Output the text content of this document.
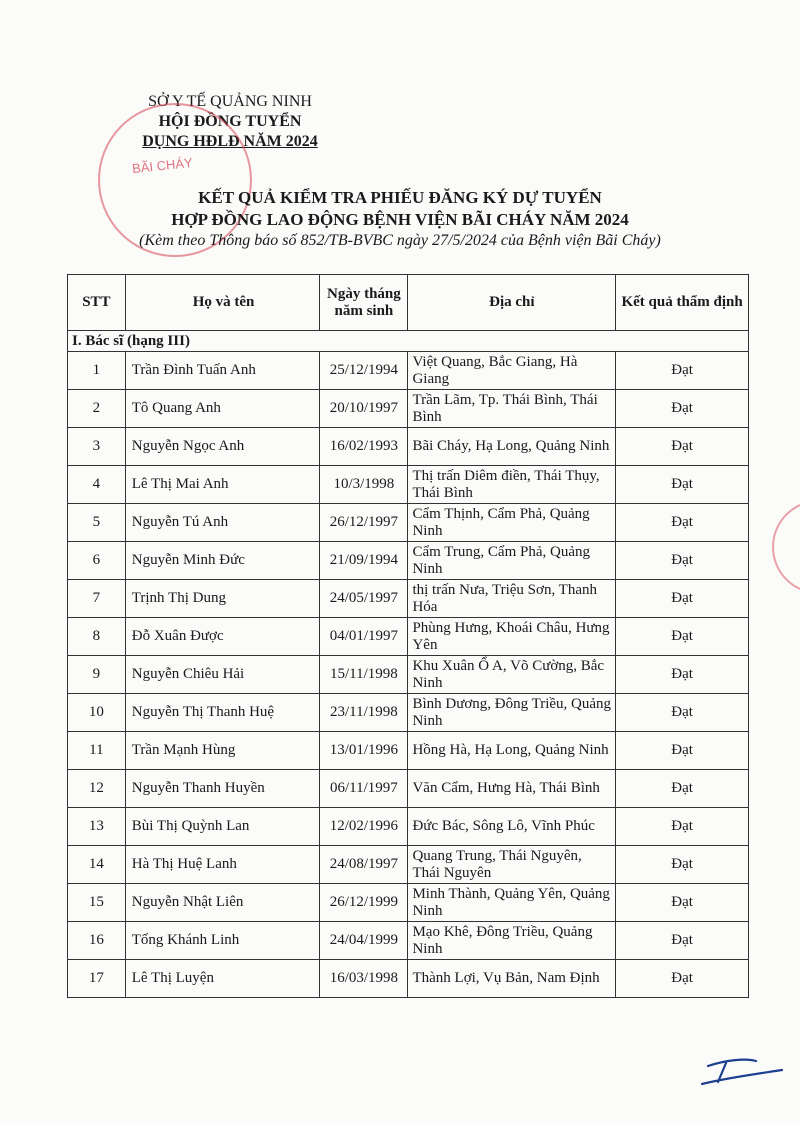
SỞ Y TẾ QUẢNG NINH
HỘI ĐỒNG TUYỂN
DỤNG HĐLĐ NĂM 2024
BÃI CHÁY
KẾT QUẢ KIỂM TRA PHIẾU ĐĂNG KÝ DỰ TUYỂN
HỢP ĐỒNG LAO ĐỘNG BỆNH VIỆN BÃI CHÁY NĂM 2024
(Kèm theo Thông báo số 852/TB-BVBC ngày 27/5/2024 của Bệnh viện Bãi Cháy)
STT	Họ và tên	Ngày tháng năm sinh	Địa chỉ	Kết quả thẩm định
I. Bác sĩ (hạng III)				
1	Trần Đình Tuấn Anh	25/12/1994	Việt Quang, Bắc Giang, Hà Giang	Đạt
2	Tô Quang Anh	20/10/1997	Trần Lãm, Tp. Thái Bình, Thái Bình	Đạt
3	Nguyễn Ngọc Anh	16/02/1993	Bãi Cháy, Hạ Long, Quảng Ninh	Đạt
4	Lê Thị Mai Anh	10/3/1998	Thị trấn Diêm điền, Thái Thụy, Thái Bình	Đạt
5	Nguyễn Tú Anh	26/12/1997	Cẩm Thịnh, Cẩm Phả, Quảng Ninh	Đạt
6	Nguyễn Minh Đức	21/09/1994	Cẩm Trung, Cẩm Phả, Quảng Ninh	Đạt
7	Trịnh Thị Dung	24/05/1997	thị trấn Nưa, Triệu Sơn, Thanh Hóa	Đạt
8	Đỗ Xuân Được	04/01/1997	Phùng Hưng, Khoái Châu, Hưng Yên	Đạt
9	Nguyễn Chiêu Hải	15/11/1998	Khu Xuân Ổ A, Võ Cường, Bắc Ninh	Đạt
10	Nguyễn Thị Thanh Huệ	23/11/1998	Bình Dương, Đông Triều, Quảng Ninh	Đạt
11	Trần Mạnh Hùng	13/01/1996	Hồng Hà, Hạ Long, Quảng Ninh	Đạt
12	Nguyễn Thanh Huyền	06/11/1997	Văn Cẩm, Hưng Hà, Thái Bình	Đạt
13	Bùi Thị Quỳnh Lan	12/02/1996	Đức Bác, Sông Lô, Vĩnh Phúc	Đạt
14	Hà Thị Huệ Lanh	24/08/1997	Quang Trung, Thái Nguyên, Thái Nguyên	Đạt
15	Nguyễn Nhật Liên	26/12/1999	Minh Thành, Quảng Yên, Quảng Ninh	Đạt
16	Tống Khánh Linh	24/04/1999	Mạo Khê, Đông Triều, Quảng Ninh	Đạt
17	Lê Thị Luyện	16/03/1998	Thành Lợi, Vụ Bản, Nam Định	Đạt
